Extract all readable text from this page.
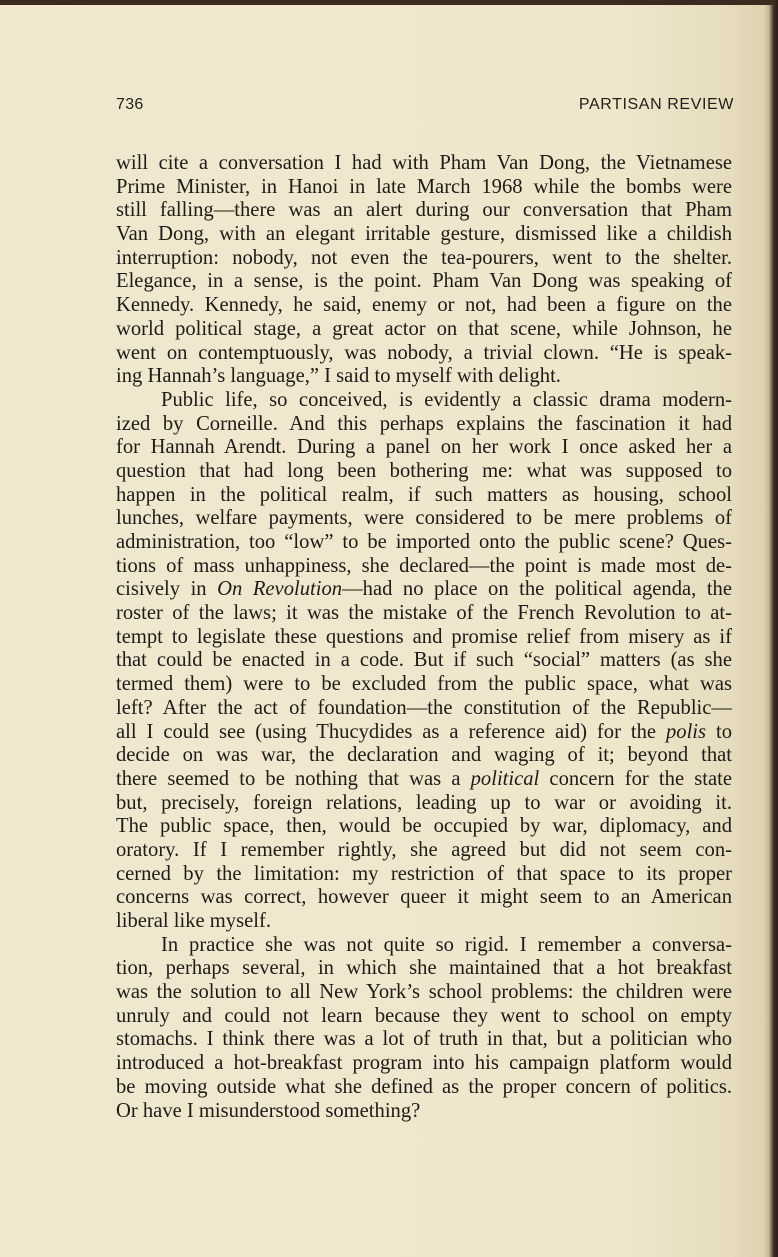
736	PARTISAN REVIEW
will cite a conversation I had with Pham Van Dong, the Vietnamese
Prime Minister, in Hanoi in late March 1968 while the bombs were
still falling—there was an alert during our conversation that Pham
Van Dong, with an elegant irritable gesture, dismissed like a childish
interruption: nobody, not even the tea-pourers, went to the shelter.
Elegance, in a sense, is the point. Pham Van Dong was speaking of
Kennedy. Kennedy, he said, enemy or not, had been a figure on the
world political stage, a great actor on that scene, while Johnson, he
went on contemptuously, was nobody, a trivial clown. “He is speak-
ing Hannah’s language,” I said to myself with delight.
Public life, so conceived, is evidently a classic drama modern-
ized by Corneille. And this perhaps explains the fascination it had
for Hannah Arendt. During a panel on her work I once asked her a
question that had long been bothering me: what was supposed to
happen in the political realm, if such matters as housing, school
lunches, welfare payments, were considered to be mere problems of
administration, too “low” to be imported onto the public scene? Ques-
tions of mass unhappiness, she declared—the point is made most de-
cisively in On Revolution—had no place on the political agenda, the
roster of the laws; it was the mistake of the French Revolution to at-
tempt to legislate these questions and promise relief from misery as if
that could be enacted in a code. But if such “social” matters (as she
termed them) were to be excluded from the public space, what was
left? After the act of foundation—the constitution of the Republic—
all I could see (using Thucydides as a reference aid) for the polis to
decide on was war, the declaration and waging of it; beyond that
there seemed to be nothing that was a political concern for the state
but, precisely, foreign relations, leading up to war or avoiding it.
The public space, then, would be occupied by war, diplomacy, and
oratory. If I remember rightly, she agreed but did not seem con-
cerned by the limitation: my restriction of that space to its proper
concerns was correct, however queer it might seem to an American
liberal like myself.
In practice she was not quite so rigid. I remember a conversa-
tion, perhaps several, in which she maintained that a hot breakfast
was the solution to all New York’s school problems: the children were
unruly and could not learn because they went to school on empty
stomachs. I think there was a lot of truth in that, but a politician who
introduced a hot-breakfast program into his campaign platform would
be moving outside what she defined as the proper concern of politics.
Or have I misunderstood something?
